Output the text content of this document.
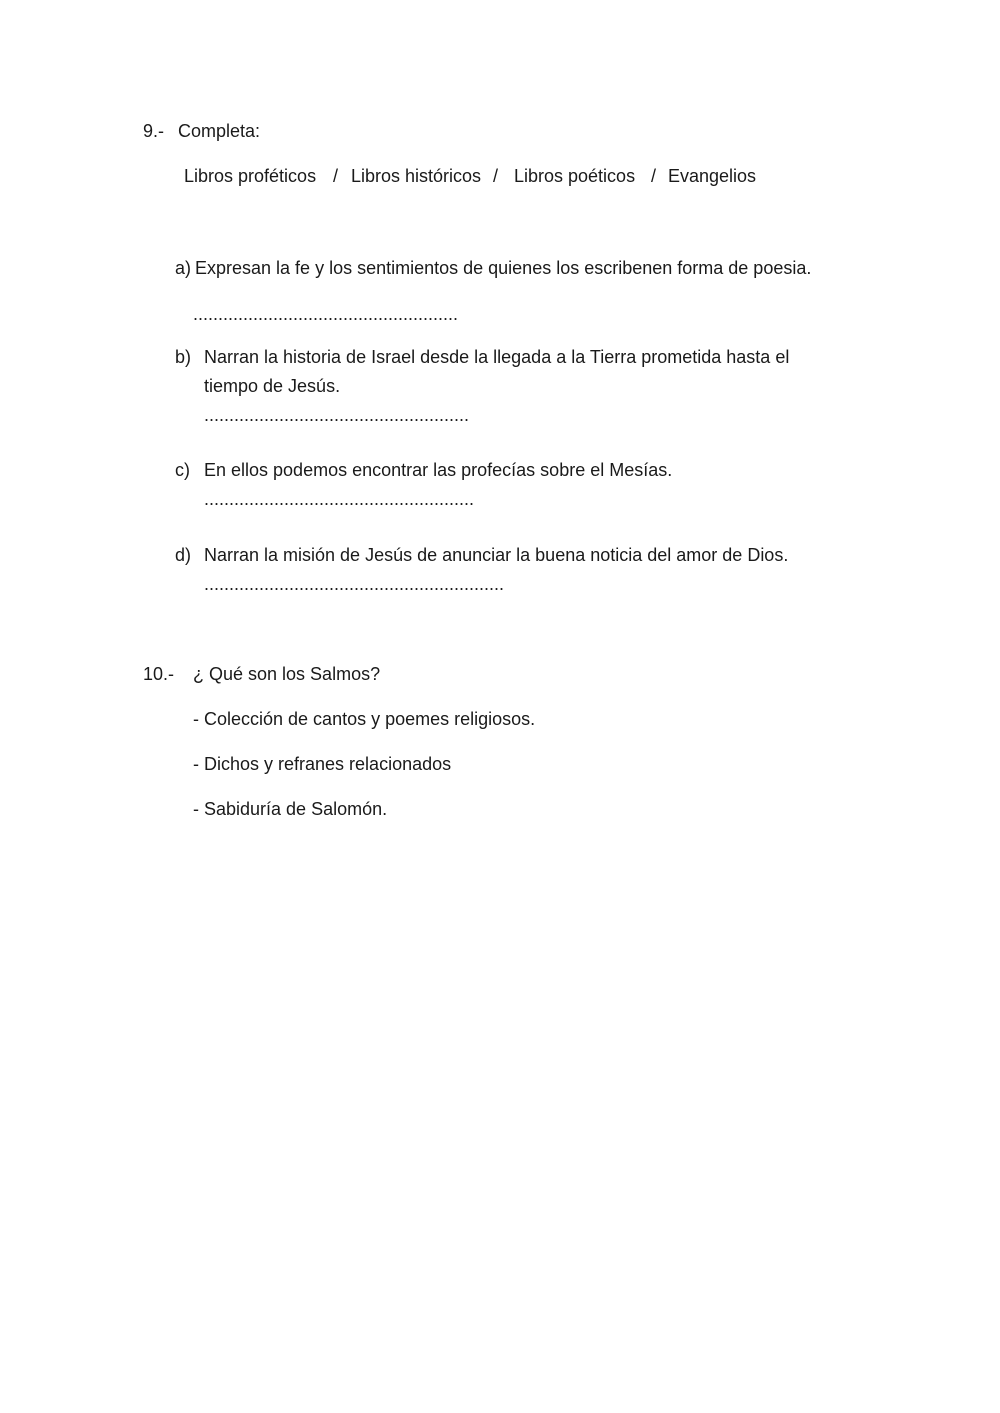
9.- Completa:
Libros proféticos / Libros históricos / Libros poéticos / Evangelios
a) Expresan la fe y los sentimientos de quienes los escribenen forma de poesia.
.....................................................
b) Narran la historia de Israel desde la llegada a la Tierra prometida hasta el
tiempo de Jesús.
.....................................................
c) En ellos podemos encontrar las profecías sobre el Mesías.
......................................................
d) Narran la misión de Jesús de anunciar la buena noticia del amor de Dios.
............................................................
10.- ¿ Qué son los Salmos?
- Colección de cantos y poemes religiosos.
- Dichos y refranes relacionados
- Sabiduría de Salomón.
